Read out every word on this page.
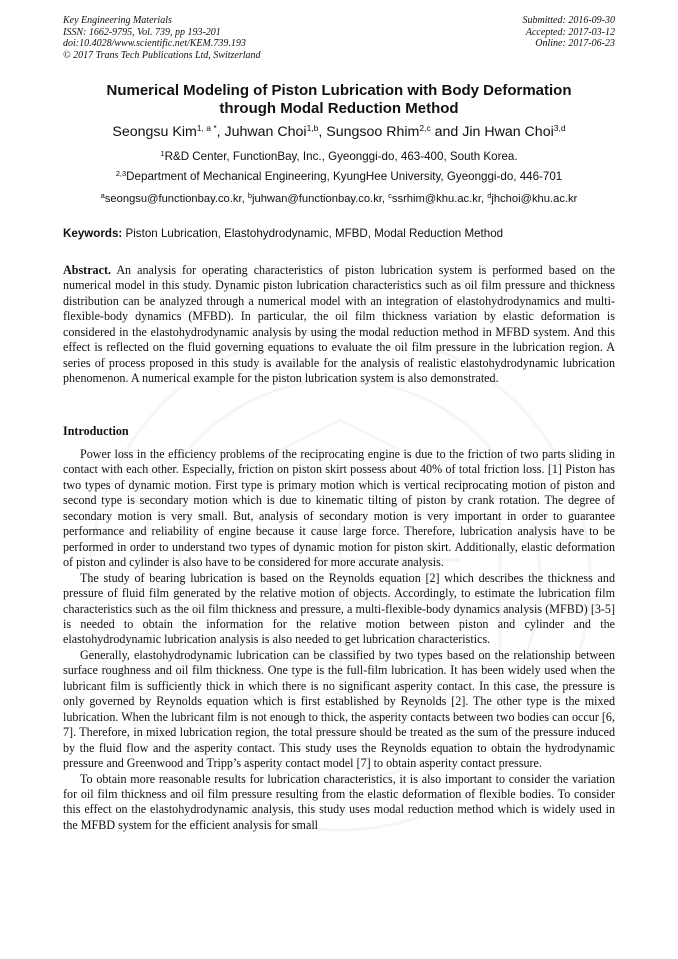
Key Engineering Materials
ISSN: 1662-9795, Vol. 739, pp 193-201
doi:10.4028/www.scientific.net/KEM.739.193
© 2017 Trans Tech Publications Ltd, Switzerland
Submitted: 2016-09-30
Accepted: 2017-03-12
Online: 2017-06-23
Numerical Modeling of Piston Lubrication with Body Deformation
through Modal Reduction Method
Seongsu Kim$^{1, a *}$, Juhwan Choi$^{1,b}$, Sungsoo Rhim$^{2,c}$ and Jin Hwan Choi$^{3,d}$
$^1$R&D Center, FunctionBay, Inc., Gyeonggi-do, 463-400, South Korea.
$^{2,3}$Department of Mechanical Engineering, KyungHee University, Gyeonggi-do, 446-701
$^a$seongsu@functionbay.co.kr, $^b$juhwan@functionbay.co.kr, $^c$ssrhim@khu.ac.kr, $^d$jhchoi@khu.ac.kr
Keywords: Piston Lubrication, Elastohydrodynamic, MFBD, Modal Reduction Method
Abstract. An analysis for operating characteristics of piston lubrication system is performed based on the numerical model in this study. Dynamic piston lubrication characteristics such as oil film pressure and thickness distribution can be analyzed through a numerical model with an integration of elastohydrodynamics and multi-flexible-body dynamics (MFBD). In particular, the oil film thickness variation by elastic deformation is considered in the elastohydrodynamic analysis by using the modal reduction method in MFBD system. And this effect is reflected on the fluid governing equations to evaluate the oil film pressure in the lubrication region. A series of process proposed in this study is available for the analysis of realistic elastohydrodynamic lubrication phenomenon. A numerical example for the piston lubrication system is also demonstrated.
Introduction

Power loss in the efficiency problems of the reciprocating engine is due to the friction of two parts sliding in contact with each other. Especially, friction on piston skirt possess about 40% of total friction loss. [1] Piston has two types of dynamic motion. First type is primary motion which is vertical reciprocating motion of piston and second type is secondary motion which is due to kinematic tilting of piston by crank rotation. The degree of secondary motion is very small. But, analysis of secondary motion is very important in order to guarantee performance and reliability of engine because it cause large force. Therefore, lubrication analysis have to be performed in order to understand two types of dynamic motion for piston skirt. Additionally, elastic deformation of piston and cylinder is also have to be considered for more accurate analysis.

The study of bearing lubrication is based on the Reynolds equation [2] which describes the thickness and pressure of fluid film generated by the relative motion of objects. Accordingly, to estimate the lubrication film characteristics such as the oil film thickness and pressure, a multi-flexible-body dynamics analysis (MFBD) [3-5] is needed to obtain the information for the relative motion between piston and cylinder and the elastohydrodynamic lubrication analysis is also needed to get lubrication characteristics.

Generally, elastohydrodynamic lubrication can be classified by two types based on the relationship between surface roughness and oil film thickness. One type is the full-film lubrication. It has been widely used when the lubricant film is sufficiently thick in which there is no significant asperity contact. In this case, the pressure is only governed by Reynolds equation which is first established by Reynolds [2]. The other type is the mixed lubrication. When the lubricant film is not enough to thick, the asperity contacts between two bodies can occur [6, 7]. Therefore, in mixed lubrication region, the total pressure should be treated as the sum of the pressure induced by the fluid flow and the asperity contact. This study uses the Reynolds equation to obtain the hydrodynamic pressure and Greenwood and Tripp’s asperity contact model [7] to obtain asperity contact pressure.

To obtain more reasonable results for lubrication characteristics, it is also important to consider the variation for oil film thickness and oil film pressure resulting from the elastic deformation of flexible bodies. To consider this effect on the elastohydrodynamic analysis, this study uses modal reduction method which is widely used in the MFBD system for the efficient analysis for small
